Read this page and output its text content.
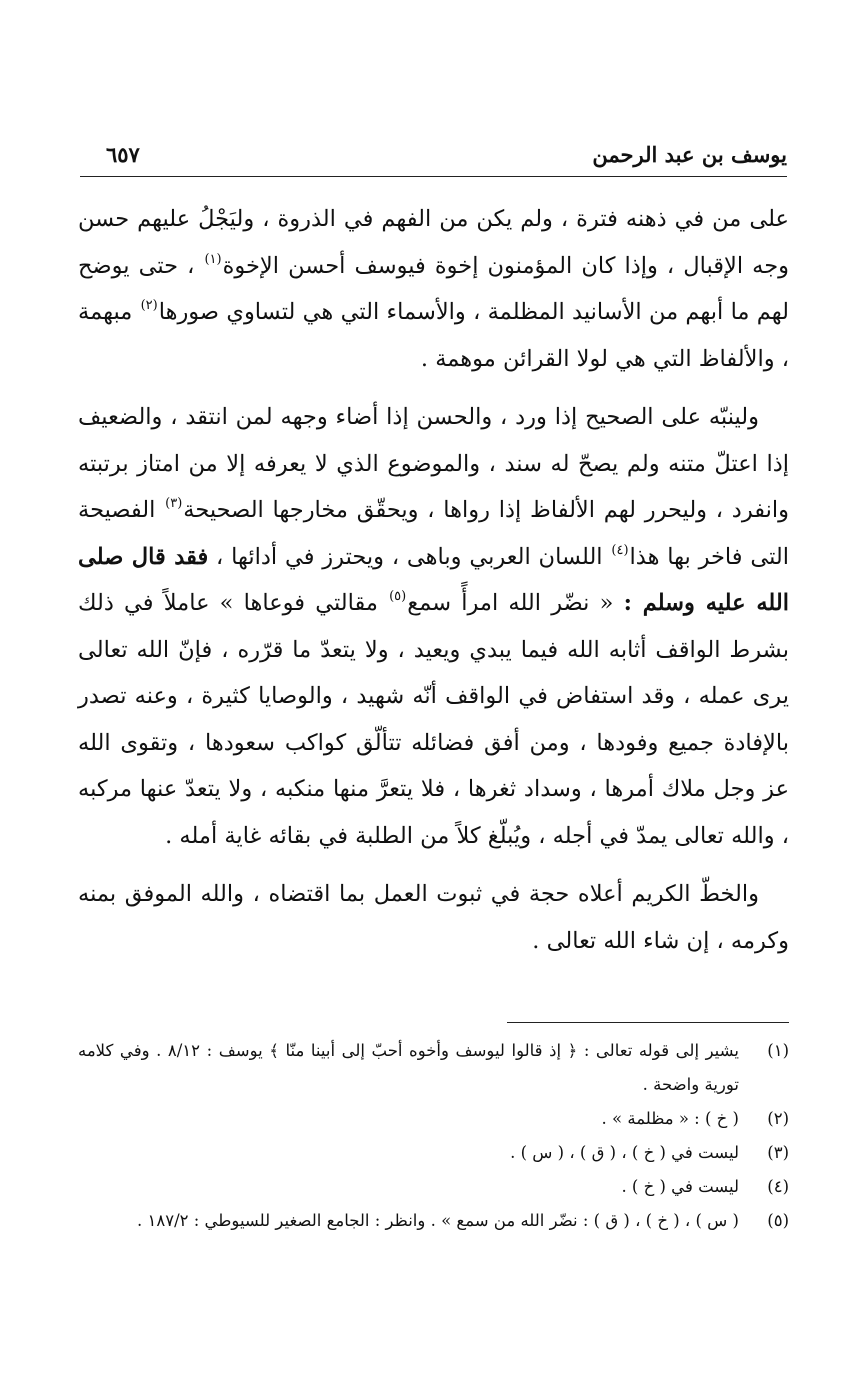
يوسف بن عبد الرحمن
٦٥٧

على من في ذهنه فترة ، ولم يكن من الفهم في الذروة ، وليَجْلُ عليهم حسن وجه الإقبال ، وإذا كان المؤمنون إخوة فيوسف أحسن الإخوة$^{(١)}$ ، حتى يوضح لهم ما أبهم من الأسانيد المظلمة ، والأسماء التي هي لتساوي صورها$^{(٢)}$ مبهمة ، والألفاظ التي هي لولا القرائن موهمة .

ولينبّه على الصحيح إذا ورد ، والحسن إذا أضاء وجهه لمن انتقد ، والضعيف إذا اعتلّ متنه ولم يصحّ له سند ، والموضوع الذي لا يعرفه إلا من امتاز برتبته وانفرد ، وليحرر لهم الألفاظ إذا رواها ، ويحقّق مخارجها الصحيحة$^{(٣)}$ الفصيحة التى فاخر بها هذا$^{(٤)}$ اللسان العربي وباهى ، ويحترز في أدائها ، فقد قال صلى الله عليه وسلم : « نضّر الله امرأً سمع$^{(٥)}$ مقالتي فوعاها » عاملاً في ذلك بشرط الواقف أثابه الله فيما يبدي ويعيد ، ولا يتعدّ ما قرّره ، فإنّ الله تعالى يرى عمله ، وقد استفاض في الواقف أنّه شهيد ، والوصايا كثيرة ، وعنه تصدر بالإفادة جميع وفودها ، ومن أفق فضائله تتألّق كواكب سعودها ، وتقوى الله عز وجل ملاك أمرها ، وسداد ثغرها ، فلا يتعرَّ منها منكبه ، ولا يتعدّ عنها مركبه ، والله تعالى يمدّ في أجله ، ويُبلّغ كلاً من الطلبة في بقائه غاية أمله .

والخطّ الكريم أعلاه حجة في ثبوت العمل بما اقتضاه ، والله الموفق بمنه وكرمه ، إن شاء الله تعالى .

(١)
يشير إلى قوله تعالى : ﴿ إذ قالوا ليوسف وأخوه أحبّ إلى أبينا منّا ﴾ يوسف : ٨/١٢ . وفي كلامه تورية واضحة .
(٢)
( خ ) : « مظلمة » .
(٣)
ليست في ( خ ) ، ( ق ) ، ( س ) .
(٤)
ليست في ( خ ) .
(٥)
( س ) ، ( خ ) ، ( ق ) : نضّر الله من سمع » . وانظر : الجامع الصغير للسيوطي : ١٨٧/٢ .
